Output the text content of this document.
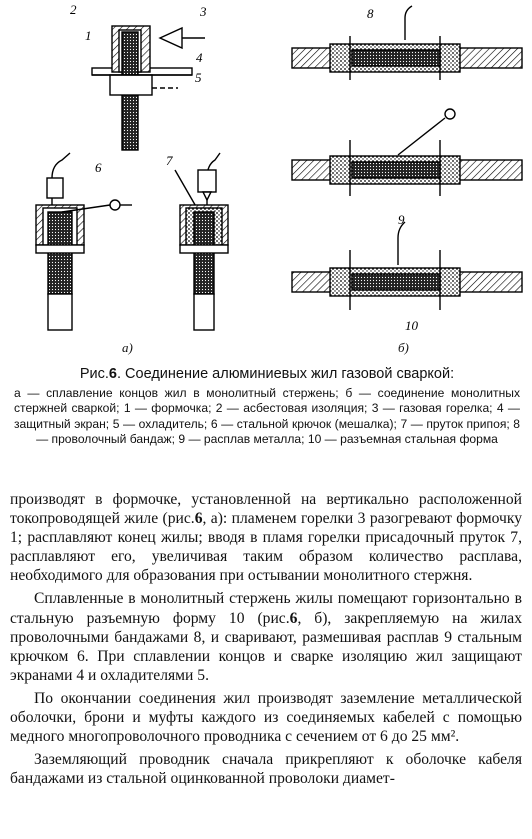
2
1
3
4
5
6	7
8
9
10
а)	б)

Рис.6. Соединение алюминиевых жил газовой сваркой:

а — сплавление концов жил в монолитный стержень; б — соединение монолитных стержней сваркой; 1 — формочка; 2 — асбестовая изоляция; 3 — газовая горелка; 4 — защитный экран; 5 — охладитель; 6 — стальной крючок (мешалка); 7 — пруток припоя; 8 — проволочный бандаж; 9 — расплав металла; 10 — разъемная стальная форма

производят в формочке, установленной на вертикально расположенной токопроводящей жиле (рис.6, а): пламенем горелки 3 разогревают формочку 1; расплавляют конец жилы; вводя в пламя горелки присадочный пруток 7, расплавляют его, увеличивая таким образом количество расплава, необходимого для образования при остывании монолитного стержня.

Сплавленные в монолитный стержень жилы помещают горизонтально в стальную разъемную форму 10 (рис.6, б), закрепляемую на жилах проволочными бандажами 8, и сваривают, размешивая расплав 9 стальным крючком 6. При сплавлении концов и сварке изоляцию жил защищают экранами 4 и охладителями 5.

По окончании соединения жил производят заземление металлической оболочки, брони и муфты каждого из соединяемых кабелей с помощью медного многопроволочного проводника с сечением от 6 до 25 мм².

Заземляющий проводник сначала прикрепляют к оболочке кабеля бандажами из стальной оцинкованной проволоки диамет-
